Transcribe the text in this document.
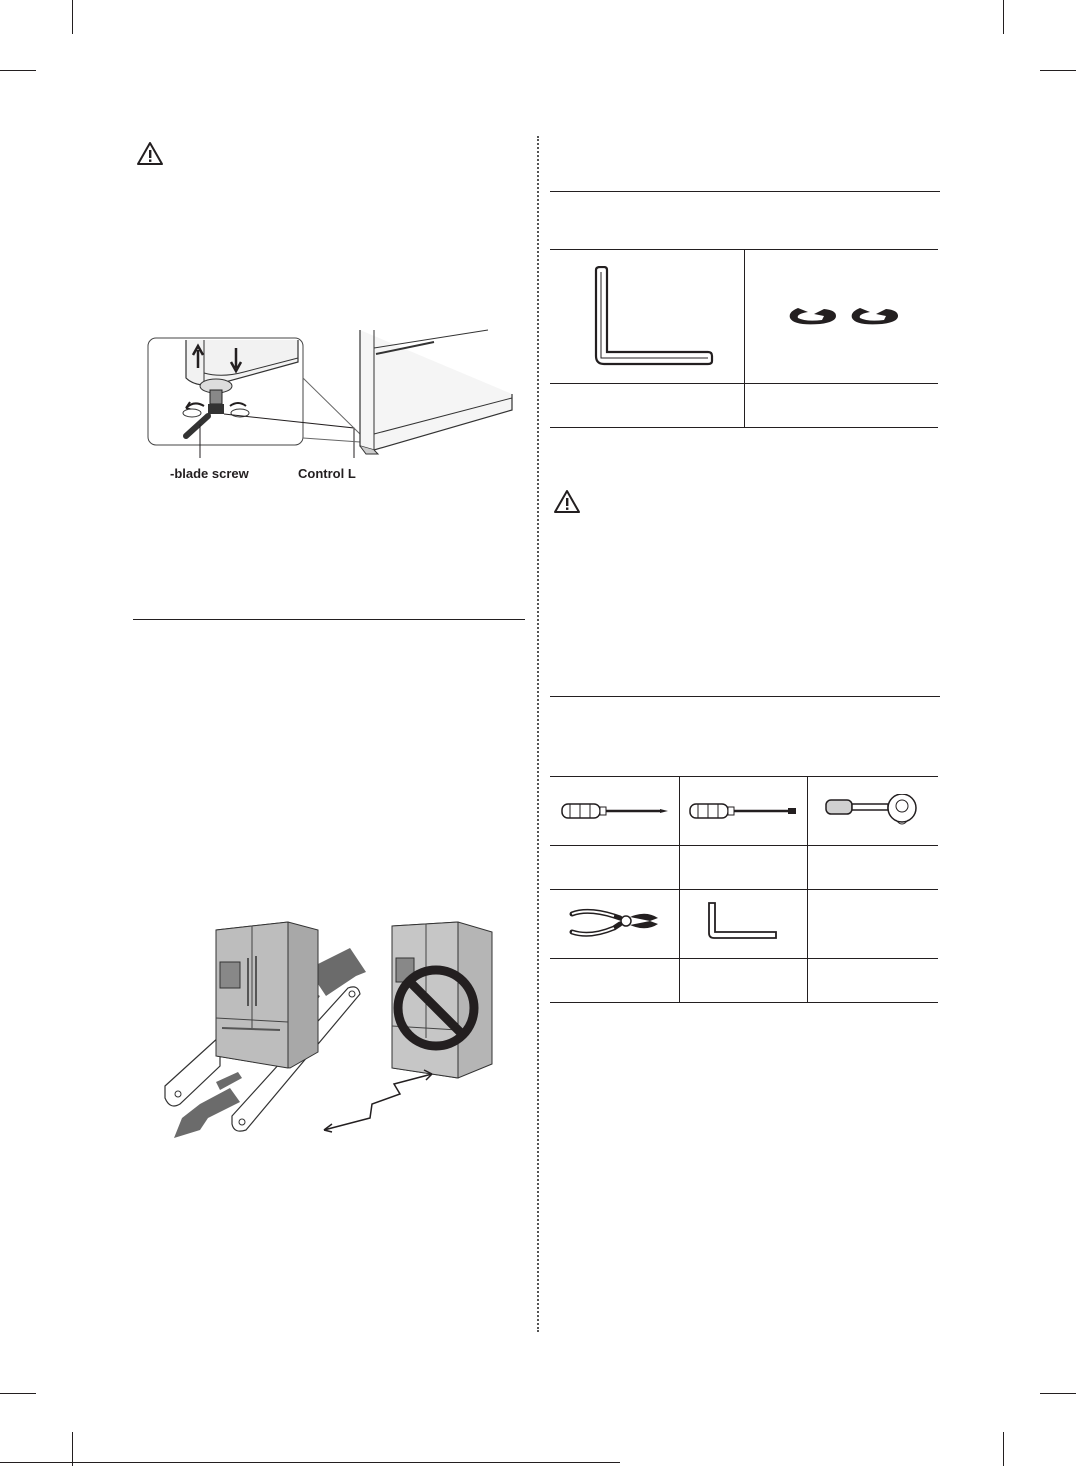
-blade screw	Control L
